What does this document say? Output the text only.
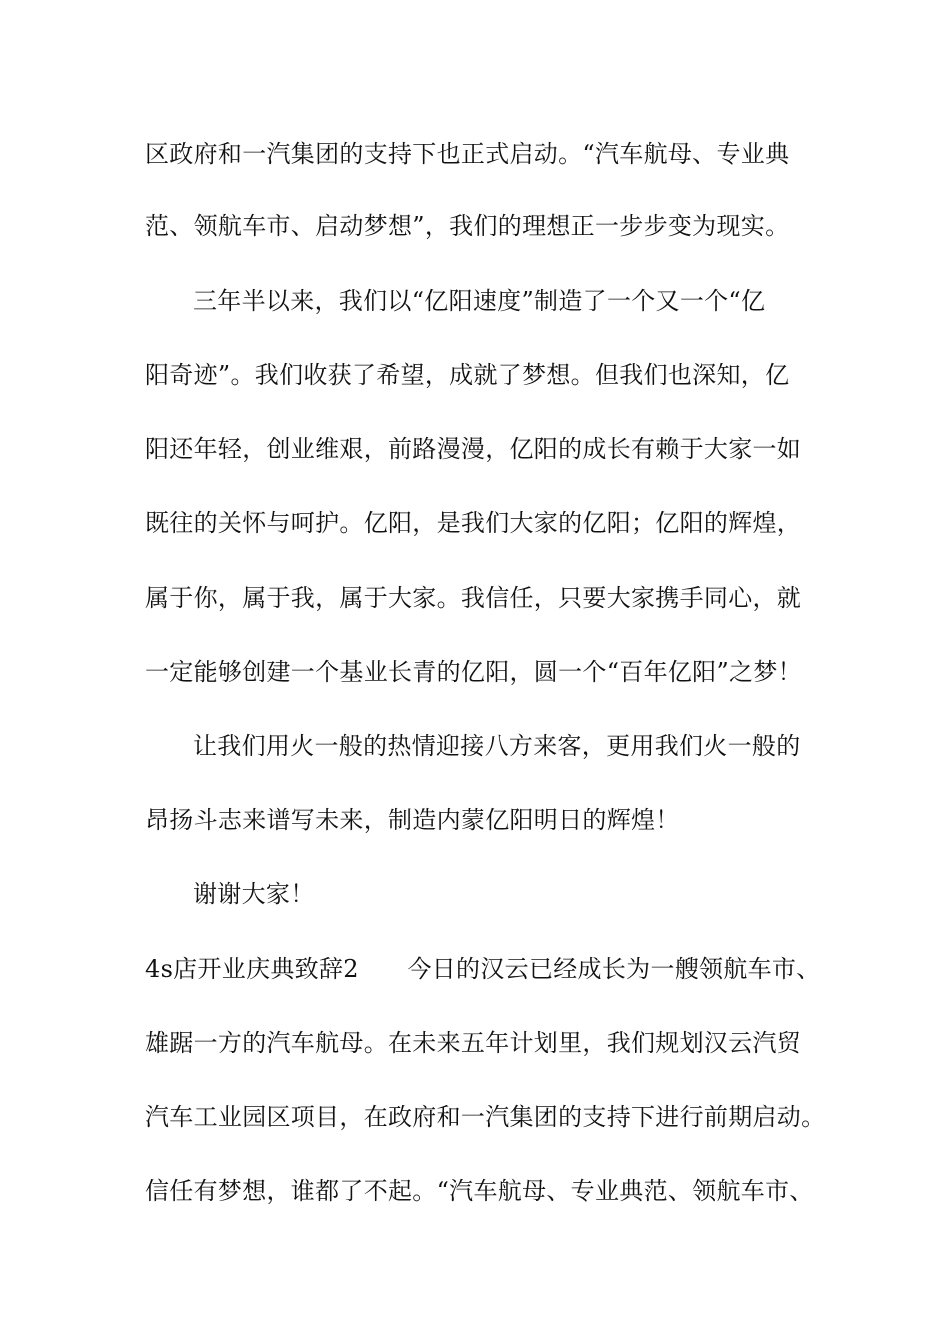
区政府和一汽集团的支持下也正式启动。“汽车航母、专业典
范、领航车市、启动梦想”，我们的理想正一步步变为现实。
三年半以来，我们以“亿阳速度”制造了一个又一个“亿
阳奇迹”。我们收获了希望，成就了梦想。但我们也深知，亿
阳还年轻，创业维艰，前路漫漫，亿阳的成长有赖于大家一如
既往的关怀与呵护。亿阳，是我们大家的亿阳；亿阳的辉煌，
属于你，属于我，属于大家。我信任，只要大家携手同心，就
一定能够创建一个基业长青的亿阳，圆一个“百年亿阳”之梦！
让我们用火一般的热情迎接八方来客，更用我们火一般的
昂扬斗志来谱写未来，制造内蒙亿阳明日的辉煌！
谢谢大家！
4s店开业庆典致辞2　　今日的汉云已经成长为一艘领航车市、
雄踞一方的汽车航母。在未来五年计划里，我们规划汉云汽贸
汽车工业园区项目，在政府和一汽集团的支持下进行前期启动。
信任有梦想，谁都了不起。“汽车航母、专业典范、领航车市、
